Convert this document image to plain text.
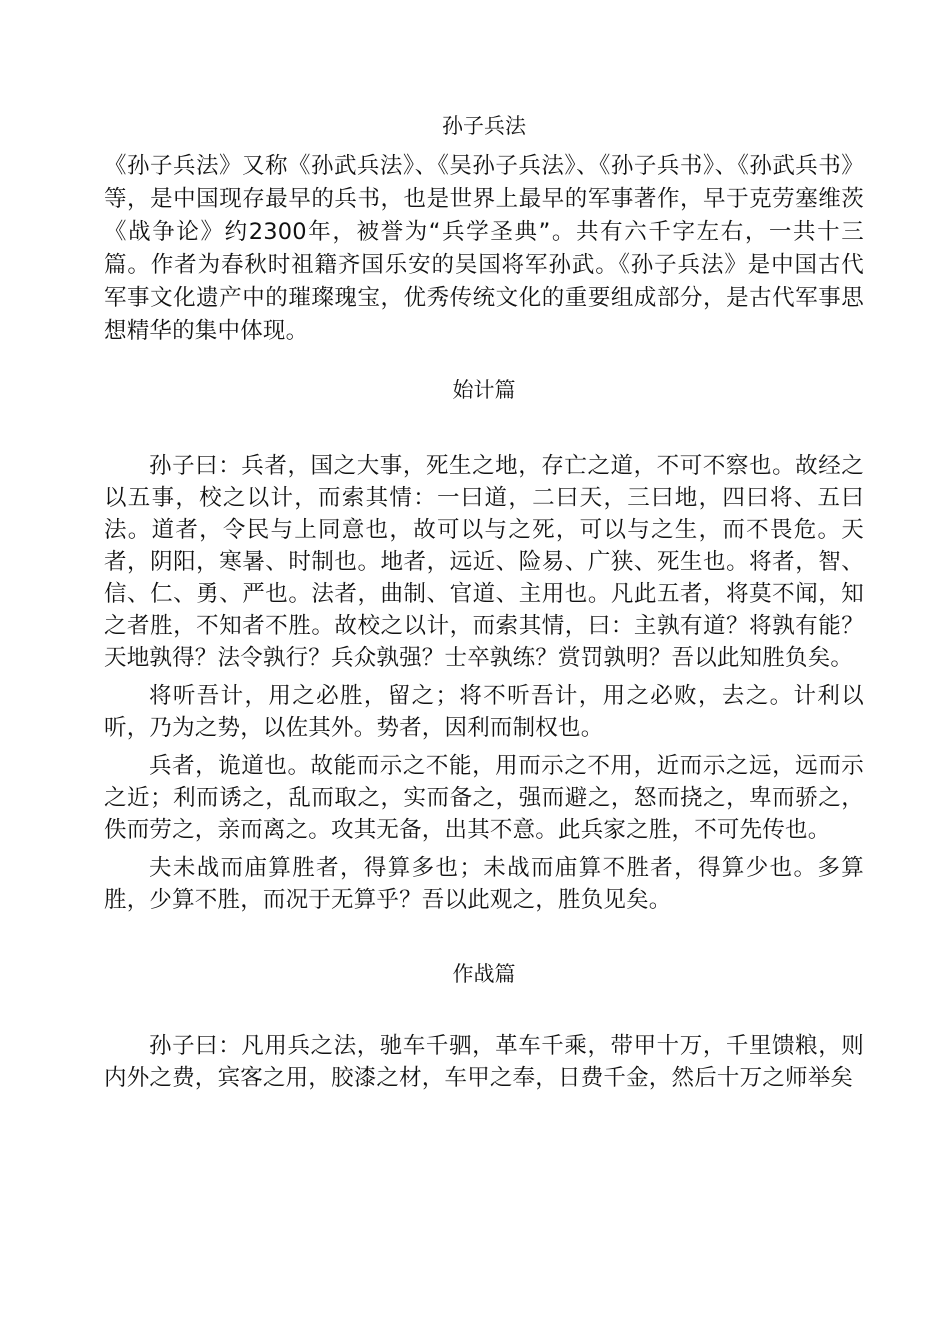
孙子兵法

《孙子兵法》又称《孙武兵法》、《吴孙子兵法》、《孙子兵书》、《孙武兵书》等，是中国现存最早的兵书，也是世界上最早的军事著作，早于克劳塞维茨《战争论》约2300年，被誉为“兵学圣典”。共有六千字左右，一共十三篇。作者为春秋时祖籍齐国乐安的吴国将军孙武。《孙子兵法》是中国古代军事文化遗产中的璀璨瑰宝，优秀传统文化的重要组成部分，是古代军事思想精华的集中体现。

始计篇

孙子曰：兵者，国之大事，死生之地，存亡之道，不可不察也。故经之以五事，校之以计，而索其情：一曰道，二曰天，三曰地，四曰将、五曰法。道者，令民与上同意也，故可以与之死，可以与之生，而不畏危。天者，阴阳，寒暑、时制也。地者，远近、险易、广狭、死生也。将者，智、信、仁、勇、严也。法者，曲制、官道、主用也。凡此五者，将莫不闻，知之者胜，不知者不胜。故校之以计，而索其情，曰：主孰有道？将孰有能？天地孰得？法令孰行？兵众孰强？士卒孰练？赏罚孰明？吾以此知胜负矣。

将听吾计，用之必胜，留之；将不听吾计，用之必败，去之。计利以听，乃为之势，以佐其外。势者，因利而制权也。

兵者，诡道也。故能而示之不能，用而示之不用，近而示之远，远而示之近；利而诱之，乱而取之，实而备之，强而避之，怒而挠之，卑而骄之，佚而劳之，亲而离之。攻其无备，出其不意。此兵家之胜，不可先传也。

夫未战而庙算胜者，得算多也；未战而庙算不胜者，得算少也。多算胜，少算不胜，而况于无算乎？吾以此观之，胜负见矣。

作战篇

孙子曰：凡用兵之法，驰车千驷，革车千乘，带甲十万，千里馈粮，则内外之费，宾客之用，胶漆之材，车甲之奉，日费千金，然后十万之师举矣
